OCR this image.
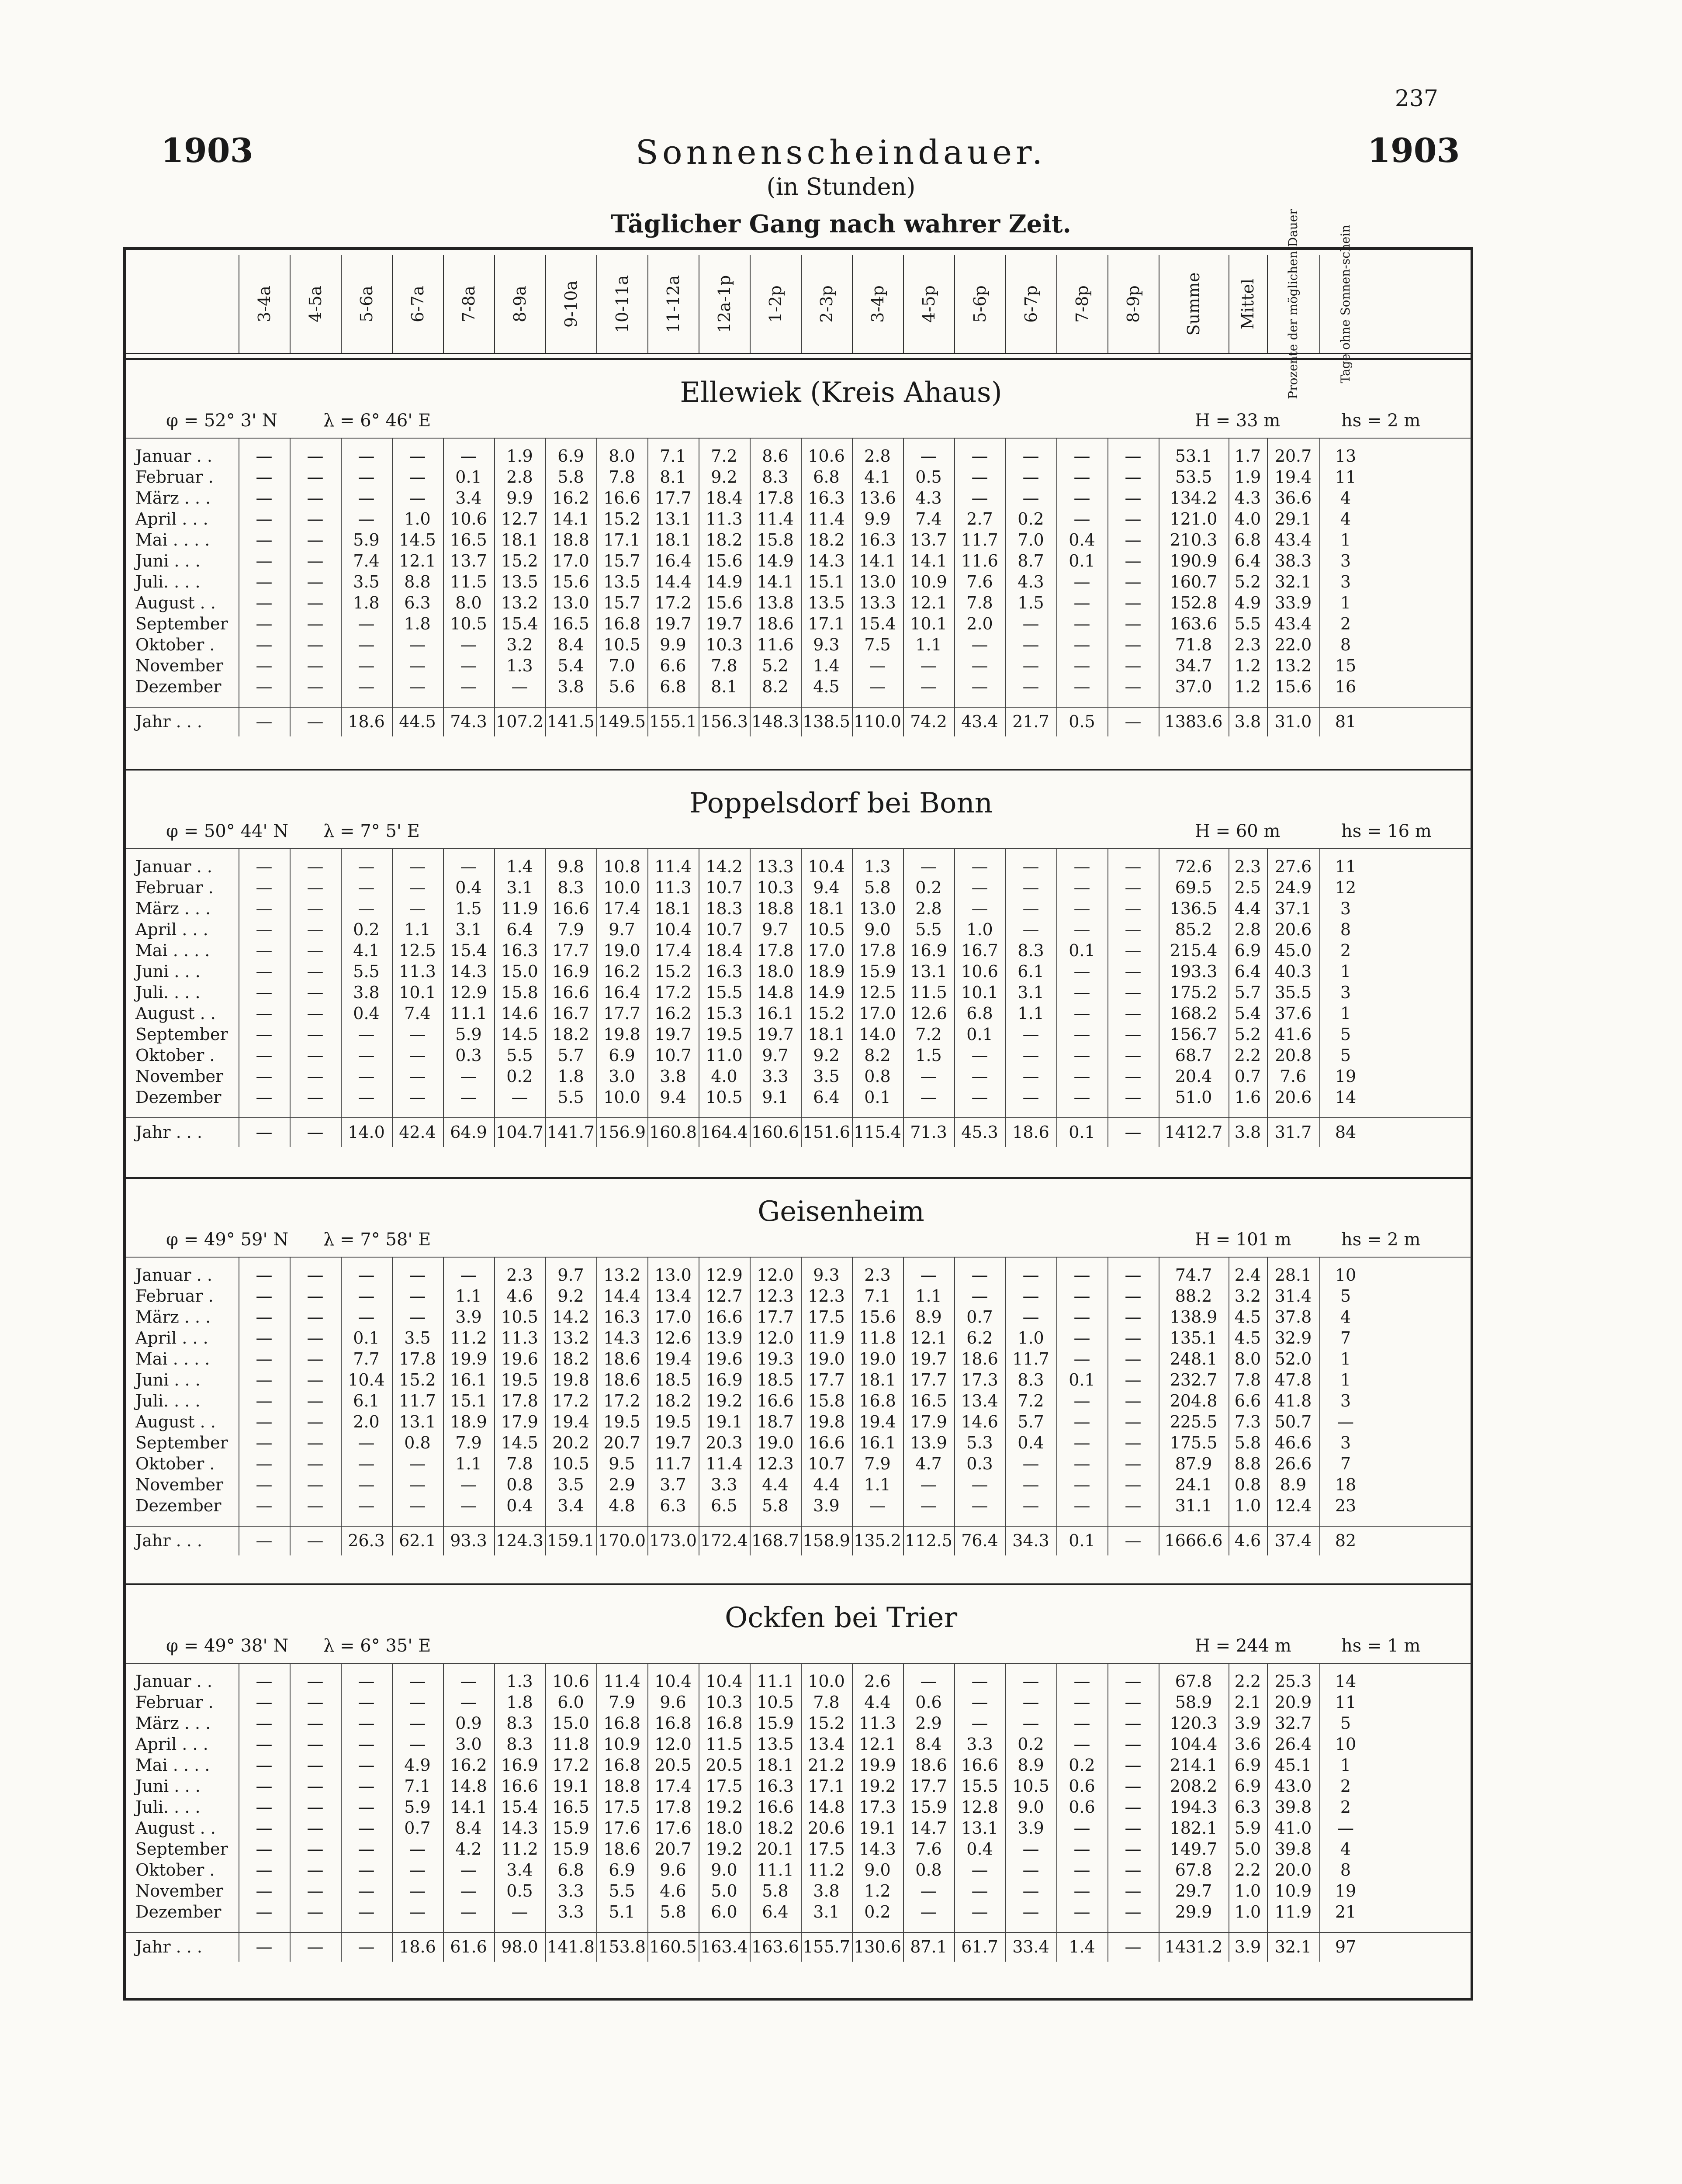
237
1903	1903
Sonnenscheindauer.
(in Stunden)
Täglicher Gang nach wahrer Zeit.
3-4a 4-5a 5-6a 6-7a 7-8a 8-9a 9-10a 10-11a 11-12a 12a-1p 1-2p 2-3p 3-4p 4-5p 5-6p 6-7p 7-8p 8-9p Summe Mittel Prozente der möglichen Dauer	Tage ohne Sonnen-schein
Ellewiek (Kreis Ahaus)
φ = 52° 3' N	λ = 6° 46' E	H = 33 m	hs = 2 m
Januar . .	—	—	—	—	—	1.9	6.9	8.0	7.1	7.2	8.6	10.6	2.8	—	—	—	—	—	53.1	1.7 20.7	13
Februar .	—	—	—	—	0.1	2.8	5.8	7.8	8.1	9.2	8.3	6.8	4.1	0.5	—	—	—	—	53.5	1.9 19.4	11
März . . .	—	—	—	—	3.4	9.9	16.2 16.6 17.7 18.4 17.8 16.3 13.6	4.3	—	—	—	—	134.2	4.3 36.6	4
April . . .	—	—	—	1.0	10.6 12.7 14.1 15.2 13.1 11.3 11.4 11.4	9.9	7.4	2.7	0.2	—	—	121.0	4.0 29.1	4
Mai . . . .	—	—	5.9	14.5 16.5 18.1 18.8 17.1 18.1 18.2 15.8 18.2 16.3 13.7 11.7	7.0	0.4	—	210.3	6.8 43.4	1
Juni . . .	—	—	7.4	12.1 13.7 15.2 17.0 15.7 16.4 15.6 14.9 14.3 14.1 14.1 11.6	8.7	0.1	—	190.9	6.4 38.3	3
Juli. . . .	—	—	3.5	8.8	11.5 13.5 15.6 13.5 14.4 14.9 14.1 15.1 13.0 10.9	7.6	4.3	—	—	160.7	5.2 32.1	3
August . .	—	—	1.8	6.3	8.0	13.2 13.0 15.7 17.2 15.6 13.8 13.5 13.3 12.1	7.8	1.5	—	—	152.8	4.9 33.9	1
September	—	—	—	1.8	10.5 15.4 16.5 16.8 19.7 19.7 18.6 17.1 15.4 10.1	2.0	—	—	—	163.6	5.5 43.4	2
Oktober .	—	—	—	—	—	3.2	8.4	10.5	9.9	10.3 11.6	9.3	7.5	1.1	—	—	—	—	71.8	2.3 22.0	8
November	—	—	—	—	—	1.3	5.4	7.0	6.6	7.8	5.2	1.4	—	—	—	—	—	—	34.7	1.2 13.2	15
Dezember	—	—	—	—	—	—	3.8	5.6	6.8	8.1	8.2	4.5	—	—	—	—	—	—	37.0	1.2 15.6	16
Jahr . . .	—	—	18.6 44.5 74.3 107.2 141.5 149.5 155.1 156.3 148.3 138.5 110.0 74.2 43.4 21.7	0.5	—	1383.6 3.8 31.0	81
Poppelsdorf bei Bonn
φ = 50° 44' N λ = 7° 5' E	H = 60 m	hs = 16 m
Januar . .	—	—	—	—	—	1.4	9.8	10.8 11.4 14.2 13.3 10.4	1.3	—	—	—	—	—	72.6	2.3 27.6	11
Februar .	—	—	—	—	0.4	3.1	8.3	10.0 11.3 10.7 10.3	9.4	5.8	0.2	—	—	—	—	69.5	2.5 24.9	12
März . . .	—	—	—	—	1.5	11.9 16.6 17.4 18.1 18.3 18.8 18.1 13.0	2.8	—	—	—	—	136.5	4.4 37.1	3
April . . .	—	—	0.2	1.1	3.1	6.4	7.9	9.7	10.4 10.7	9.7	10.5	9.0	5.5	1.0	—	—	—	85.2	2.8 20.6	8
Mai . . . .	—	—	4.1	12.5 15.4 16.3 17.7 19.0 17.4 18.4 17.8 17.0 17.8 16.9 16.7	8.3	0.1	—	215.4	6.9 45.0	2
Juni . . .	—	—	5.5	11.3 14.3 15.0 16.9 16.2 15.2 16.3 18.0 18.9 15.9 13.1 10.6	6.1	—	—	193.3	6.4 40.3	1
Juli. . . .	—	—	3.8	10.1 12.9 15.8 16.6 16.4 17.2 15.5 14.8 14.9 12.5 11.5 10.1	3.1	—	—	175.2	5.7 35.5	3
August . .	—	—	0.4	7.4	11.1 14.6 16.7 17.7 16.2 15.3 16.1 15.2 17.0 12.6	6.8	1.1	—	—	168.2	5.4 37.6	1
September	—	—	—	—	5.9	14.5 18.2 19.8 19.7 19.5 19.7 18.1 14.0	7.2	0.1	—	—	—	156.7	5.2 41.6	5
Oktober .	—	—	—	—	0.3	5.5	5.7	6.9	10.7 11.0	9.7	9.2	8.2	1.5	—	—	—	—	68.7	2.2 20.8	5
November	—	—	—	—	—	0.2	1.8	3.0	3.8	4.0	3.3	3.5	0.8	—	—	—	—	—	20.4	0.7	7.6	19
Dezember	—	—	—	—	—	—	5.5	10.0	9.4	10.5	9.1	6.4	0.1	—	—	—	—	—	51.0	1.6 20.6	14
Jahr . . .	—	—	14.0 42.4 64.9 104.7 141.7 156.9 160.8 164.4 160.6 151.6 115.4 71.3 45.3 18.6	0.1	—	1412.7 3.8 31.7	84
Geisenheim
φ = 49° 59' N λ = 7° 58' E	H = 101 m	hs = 2 m
Januar . .	—	—	—	—	—	2.3	9.7	13.2 13.0 12.9 12.0	9.3	2.3	—	—	—	—	—	74.7	2.4 28.1	10
Februar .	—	—	—	—	1.1	4.6	9.2	14.4 13.4 12.7 12.3 12.3	7.1	1.1	—	—	—	—	88.2	3.2 31.4	5
März . . .	—	—	—	—	3.9	10.5 14.2 16.3 17.0 16.6 17.7 17.5 15.6	8.9	0.7	—	—	—	138.9	4.5 37.8	4
April . . .	—	—	0.1	3.5	11.2 11.3 13.2 14.3 12.6 13.9 12.0 11.9 11.8 12.1	6.2	1.0	—	—	135.1	4.5 32.9	7
Mai . . . .	—	—	7.7	17.8 19.9 19.6 18.2 18.6 19.4 19.6 19.3 19.0 19.0 19.7 18.6 11.7	—	—	248.1	8.0 52.0	1
Juni . . .	—	—	10.4 15.2 16.1 19.5 19.8 18.6 18.5 16.9 18.5 17.7 18.1 17.7 17.3	8.3	0.1	—	232.7	7.8 47.8	1
Juli. . . .	—	—	6.1	11.7 15.1 17.8 17.2 17.2 18.2 19.2 16.6 15.8 16.8 16.5 13.4	7.2	—	—	204.8	6.6 41.8	3
August . .	—	—	2.0	13.1 18.9 17.9 19.4 19.5 19.5 19.1 18.7 19.8 19.4 17.9 14.6	5.7	—	—	225.5	7.3 50.7	—
September	—	—	—	0.8	7.9	14.5 20.2 20.7 19.7 20.3 19.0 16.6 16.1 13.9	5.3	0.4	—	—	175.5	5.8 46.6	3
Oktober .	—	—	—	—	1.1	7.8	10.5	9.5	11.7 11.4 12.3 10.7	7.9	4.7	0.3	—	—	—	87.9	8.8 26.6	7
November	—	—	—	—	—	0.8	3.5	2.9	3.7	3.3	4.4	4.4	1.1	—	—	—	—	—	24.1	0.8	8.9	18
Dezember	—	—	—	—	—	0.4	3.4	4.8	6.3	6.5	5.8	3.9	—	—	—	—	—	—	31.1	1.0 12.4	23
Jahr . . .	—	—	26.3 62.1 93.3 124.3 159.1 170.0 173.0 172.4 168.7 158.9 135.2 112.5 76.4 34.3	0.1	—	1666.6 4.6 37.4	82
Ockfen bei Trier
φ = 49° 38' N λ = 6° 35' E	H = 244 m	hs = 1 m
Januar . .	—	—	—	—	—	1.3	10.6 11.4 10.4 10.4 11.1 10.0	2.6	—	—	—	—	—	67.8	2.2 25.3	14
Februar .	—	—	—	—	—	1.8	6.0	7.9	9.6	10.3 10.5	7.8	4.4	0.6	—	—	—	—	58.9	2.1 20.9	11
März . . .	—	—	—	—	0.9	8.3	15.0 16.8 16.8 16.8 15.9 15.2 11.3	2.9	—	—	—	—	120.3	3.9 32.7	5
April . . .	—	—	—	—	3.0	8.3	11.8 10.9 12.0 11.5 13.5 13.4 12.1	8.4	3.3	0.2	—	—	104.4	3.6 26.4	10
Mai . . . .	—	—	—	4.9	16.2 16.9 17.2 16.8 20.5 20.5 18.1 21.2 19.9 18.6 16.6	8.9	0.2	—	214.1	6.9 45.1	1
Juni . . .	—	—	—	7.1	14.8 16.6 19.1 18.8 17.4 17.5 16.3 17.1 19.2 17.7 15.5 10.5	0.6	—	208.2	6.9 43.0	2
Juli. . . .	—	—	—	5.9	14.1 15.4 16.5 17.5 17.8 19.2 16.6 14.8 17.3 15.9 12.8	9.0	0.6	—	194.3	6.3 39.8	2
August . .	—	—	—	0.7	8.4	14.3 15.9 17.6 17.6 18.0 18.2 20.6 19.1 14.7 13.1	3.9	—	—	182.1	5.9 41.0	—
September	—	—	—	—	4.2	11.2 15.9 18.6 20.7 19.2 20.1 17.5 14.3	7.6	0.4	—	—	—	149.7	5.0 39.8	4
Oktober .	—	—	—	—	—	3.4	6.8	6.9	9.6	9.0	11.1 11.2	9.0	0.8	—	—	—	—	67.8	2.2 20.0	8
November	—	—	—	—	—	0.5	3.3	5.5	4.6	5.0	5.8	3.8	1.2	—	—	—	—	—	29.7	1.0 10.9	19
Dezember	—	—	—	—	—	—	3.3	5.1	5.8	6.0	6.4	3.1	0.2	—	—	—	—	—	29.9	1.0 11.9	21
Jahr . . .	—	—	—	18.6 61.6 98.0 141.8 153.8 160.5 163.4 163.6 155.7 130.6 87.1 61.7 33.4	1.4	—	1431.2 3.9 32.1	97
